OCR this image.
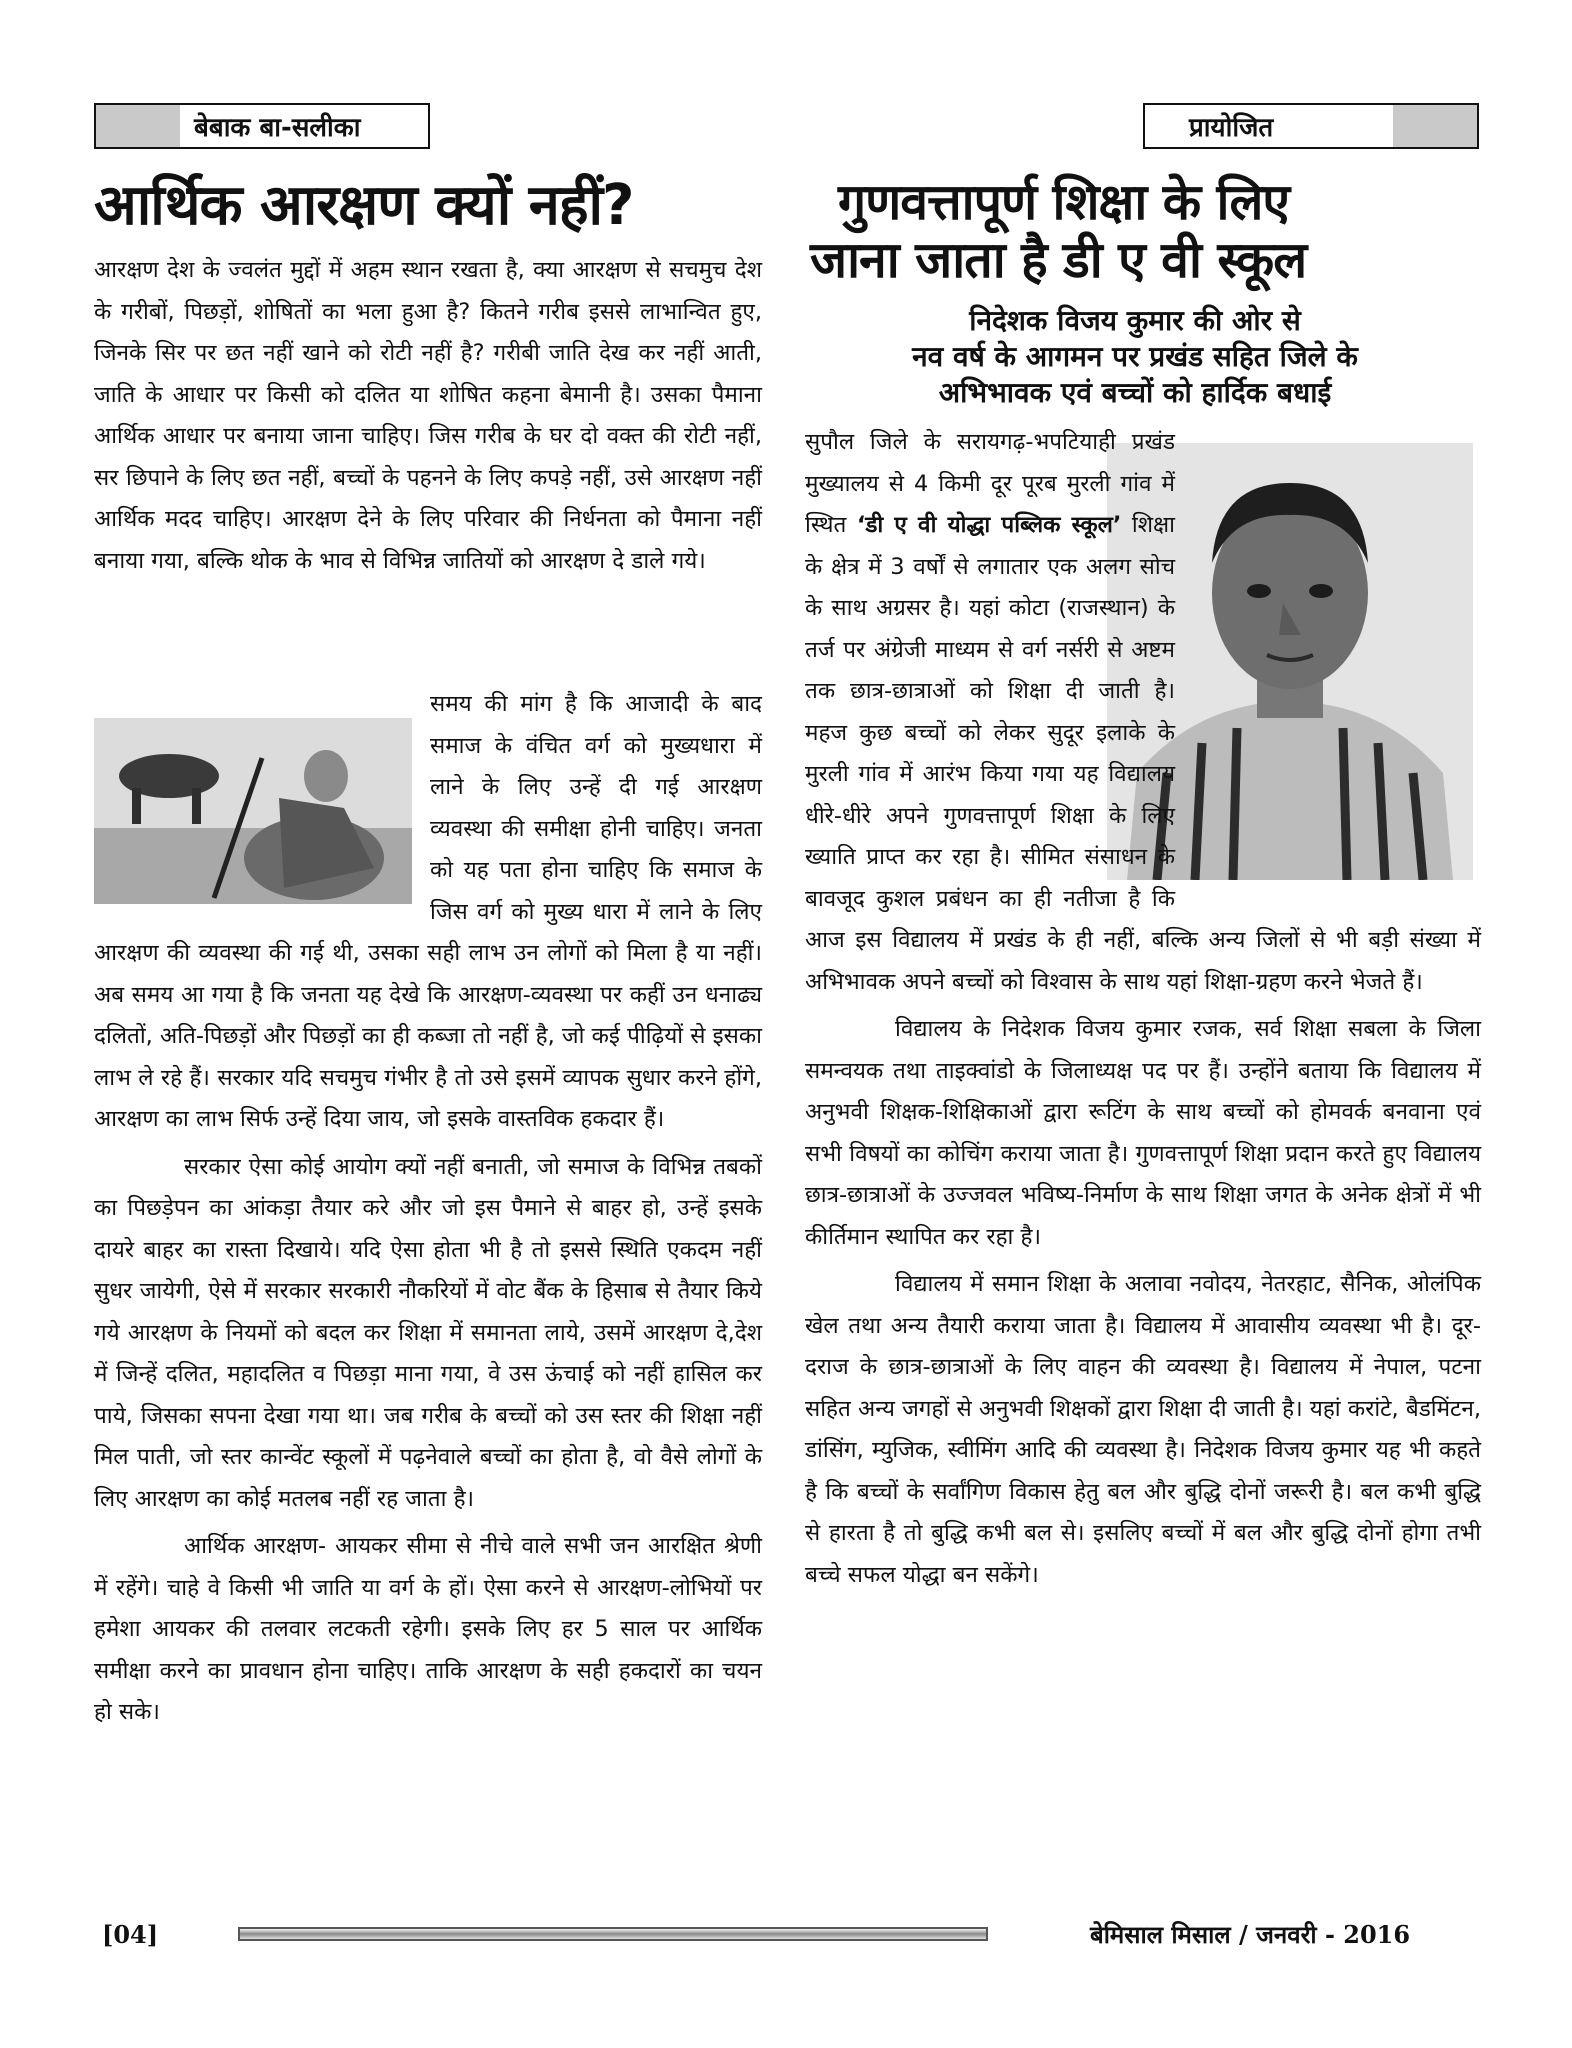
बेबाक बा-सलीका
आर्थिक आरक्षण क्यों नहीं?

आरक्षण देश के ज्वलंत मुद्दों में अहम स्थान रखता है, क्या आरक्षण से सचमुच देश के गरीबों, पिछड़ों, शोषितों का भला हुआ है? कितने गरीब इससे लाभान्वित हुए, जिनके सिर पर छत नहीं खाने को रोटी नहीं है? गरीबी जाति देख कर नहीं आती, जाति के आधार पर किसी को दलित या शोषित कहना बेमानी है। उसका पैमाना आर्थिक आधार पर बनाया जाना चाहिए। जिस गरीब के घर दो वक्त की रोटी नहीं, सर छिपाने के लिए छत नहीं, बच्चों के पहनने के लिए कपड़े नहीं, उसे आरक्षण नहीं आर्थिक मदद चाहिए। आरक्षण देने के लिए परिवार की निर्धनता को पैमाना नहीं बनाया गया, बल्कि थोक के भाव से विभिन्न जातियों को आरक्षण दे डाले गये।

समय की मांग है कि आजादी के बाद समाज के वंचित वर्ग को मुख्यधारा में लाने के लिए उन्हें दी गई आरक्षण व्यवस्था की समीक्षा होनी चाहिए। जनता को यह पता होना चाहिए कि समाज के जिस वर्ग को मुख्य धारा में लाने के लिए आरक्षण की व्यवस्था की गई थी, उसका सही लाभ उन लोगों को मिला है या नहीं। अब समय आ गया है कि जनता यह देखे कि आरक्षण-व्यवस्था पर कहीं उन धनाढ्य दलितों, अति-पिछड़ों और पिछड़ों का ही कब्जा तो नहीं है, जो कई पीढ़ियों से इसका लाभ ले रहे हैं। सरकार यदि सचमुच गंभीर है तो उसे इसमें व्यापक सुधार करने होंगे, आरक्षण का लाभ सिर्फ उन्हें दिया जाय, जो इसके वास्तविक हकदार हैं।

सरकार ऐसा कोई आयोग क्यों नहीं बनाती, जो समाज के विभिन्न तबकों का पिछड़ेपन का आंकड़ा तैयार करे और जो इस पैमाने से बाहर हो, उन्हें इसके दायरे बाहर का रास्ता दिखाये। यदि ऐसा होता भी है तो इससे स्थिति एकदम नहीं सुधर जायेगी, ऐसे में सरकार सरकारी नौकरियों में वोट बैंक के हिसाब से तैयार किये गये आरक्षण के नियमों को बदल कर शिक्षा में समानता लाये, उसमें आरक्षण दे,देश में जिन्हें दलित, महादलित व पिछड़ा माना गया, वे उस ऊंचाई को नहीं हासिल कर पाये, जिसका सपना देखा गया था। जब गरीब के बच्चों को उस स्तर की शिक्षा नहीं मिल पाती, जो स्तर कान्वेंट स्कूलों में पढ़नेवाले बच्चों का होता है, वो वैसे लोगों के लिए आरक्षण का कोई मतलब नहीं रह जाता है।

आर्थिक आरक्षण- आयकर सीमा से नीचे वाले सभी जन आरक्षित श्रेणी में रहेंगे। चाहे वे किसी भी जाति या वर्ग के हों। ऐसा करने से आरक्षण-लोभियों पर हमेशा आयकर की तलवार लटकती रहेगी। इसके लिए हर 5 साल पर आर्थिक समीक्षा करने का प्रावधान होना चाहिए। ताकि आरक्षण के सही हकदारों का चयन हो सके।

प्रायोजित
गुणवत्तापूर्ण शिक्षा के लिए
जाना जाता है डी ए वी स्कूल
निदेशक विजय कुमार की ओर से
नव वर्ष के आगमन पर प्रखंड सहित जिले के
अभिभावक एवं बच्चों को हार्दिक बधाई

सुपौल जिले के सरायगढ़-भपटियाही प्रखंड मुख्यालय से 4 किमी दूर पूरब मुरली गांव में स्थित ‘डी ए वी योद्धा पब्लिक स्कूल’ शिक्षा के क्षेत्र में 3 वर्षों से लगातार एक अलग सोच के साथ अग्रसर है। यहां कोटा (राजस्थान) के तर्ज पर अंग्रेजी माध्यम से वर्ग नर्सरी से अष्टम तक छात्र-छात्राओं को शिक्षा दी जाती है। महज कुछ बच्चों को लेकर सुदूर इलाके के मुरली गांव में आरंभ किया गया यह विद्यालय धीरे-धीरे अपने गुणवत्तापूर्ण शिक्षा के लिए ख्याति प्राप्त कर रहा है। सीमित संसाधन के बावजूद कुशल प्रबंधन का ही नतीजा है कि आज इस विद्यालय में प्रखंड के ही नहीं, बल्कि अन्य जिलों से भी बड़ी संख्या में अभिभावक अपने बच्चों को विश्वास के साथ यहां शिक्षा-ग्रहण करने भेजते हैं।

विद्यालय के निदेशक विजय कुमार रजक, सर्व शिक्षा सबला के जिला समन्वयक तथा ताइक्वांडो के जिलाध्यक्ष पद पर हैं। उन्होंने बताया कि विद्यालय में अनुभवी शिक्षक-शिक्षिकाओं द्वारा रूटिंग के साथ बच्चों को होमवर्क बनवाना एवं सभी विषयों का कोचिंग कराया जाता है। गुणवत्तापूर्ण शिक्षा प्रदान करते हुए विद्यालय छात्र-छात्राओं के उज्जवल भविष्य-निर्माण के साथ शिक्षा जगत के अनेक क्षेत्रों में भी कीर्तिमान स्थापित कर रहा है।

विद्यालय में समान शिक्षा के अलावा नवोदय, नेतरहाट, सैनिक, ओलंपिक खेल तथा अन्य तैयारी कराया जाता है। विद्यालय में आवासीय व्यवस्था भी है। दूर-दराज के छात्र-छात्राओं के लिए वाहन की व्यवस्था है। विद्यालय में नेपाल, पटना सहित अन्य जगहों से अनुभवी शिक्षकों द्वारा शिक्षा दी जाती है। यहां करांटे, बैडमिंटन, डांसिंग, म्युजिक, स्वीमिंग आदि की व्यवस्था है। निदेशक विजय कुमार यह भी कहते है कि बच्चों के सर्वांगिण विकास हेतु बल और बुद्धि दोनों जरूरी है। बल कभी बुद्धि से हारता है तो बुद्धि कभी बल से। इसलिए बच्चों में बल और बुद्धि दोनों होगा तभी बच्चे सफल योद्धा बन सकेंगे।

[04]	बेमिसाल मिसाल / जनवरी - 2016
